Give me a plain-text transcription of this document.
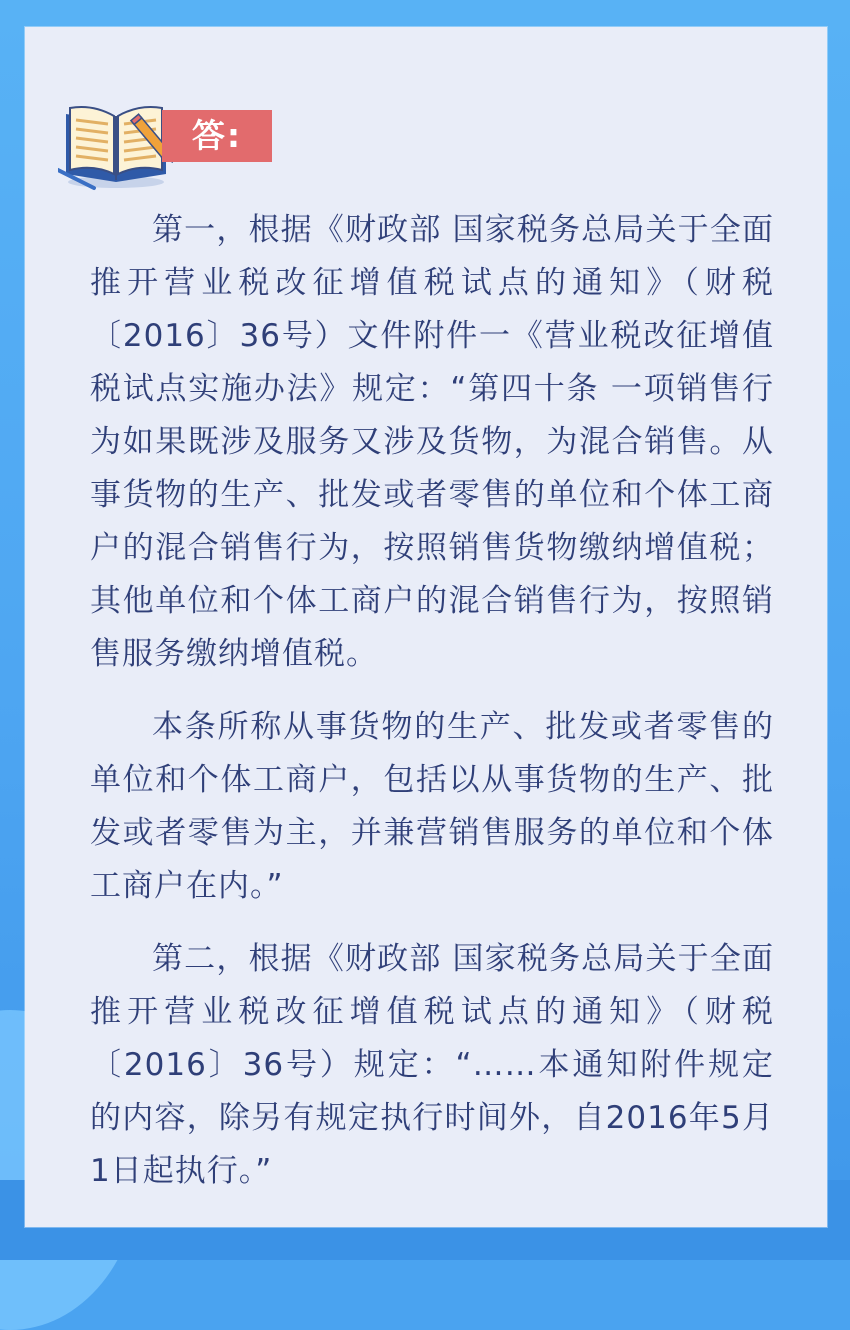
答:

第一，根据《财政部 国家税务总局关于全面推开营业税改征增值税试点的通知》（财税〔2016〕36号）文件附件一《营业税改征增值税试点实施办法》规定：“第四十条 一项销售行为如果既涉及服务又涉及货物，为混合销售。从事货物的生产、批发或者零售的单位和个体工商户的混合销售行为，按照销售货物缴纳增值税；其他单位和个体工商户的混合销售行为，按照销售服务缴纳增值税。

本条所称从事货物的生产、批发或者零售的单位和个体工商户，包括以从事货物的生产、批发或者零售为主，并兼营销售服务的单位和个体工商户在内。”

第二，根据《财政部 国家税务总局关于全面推开营业税改征增值税试点的通知》（财税〔2016〕36号）规定：“……本通知附件规定的内容，除另有规定执行时间外，自2016年5月1日起执行。”
